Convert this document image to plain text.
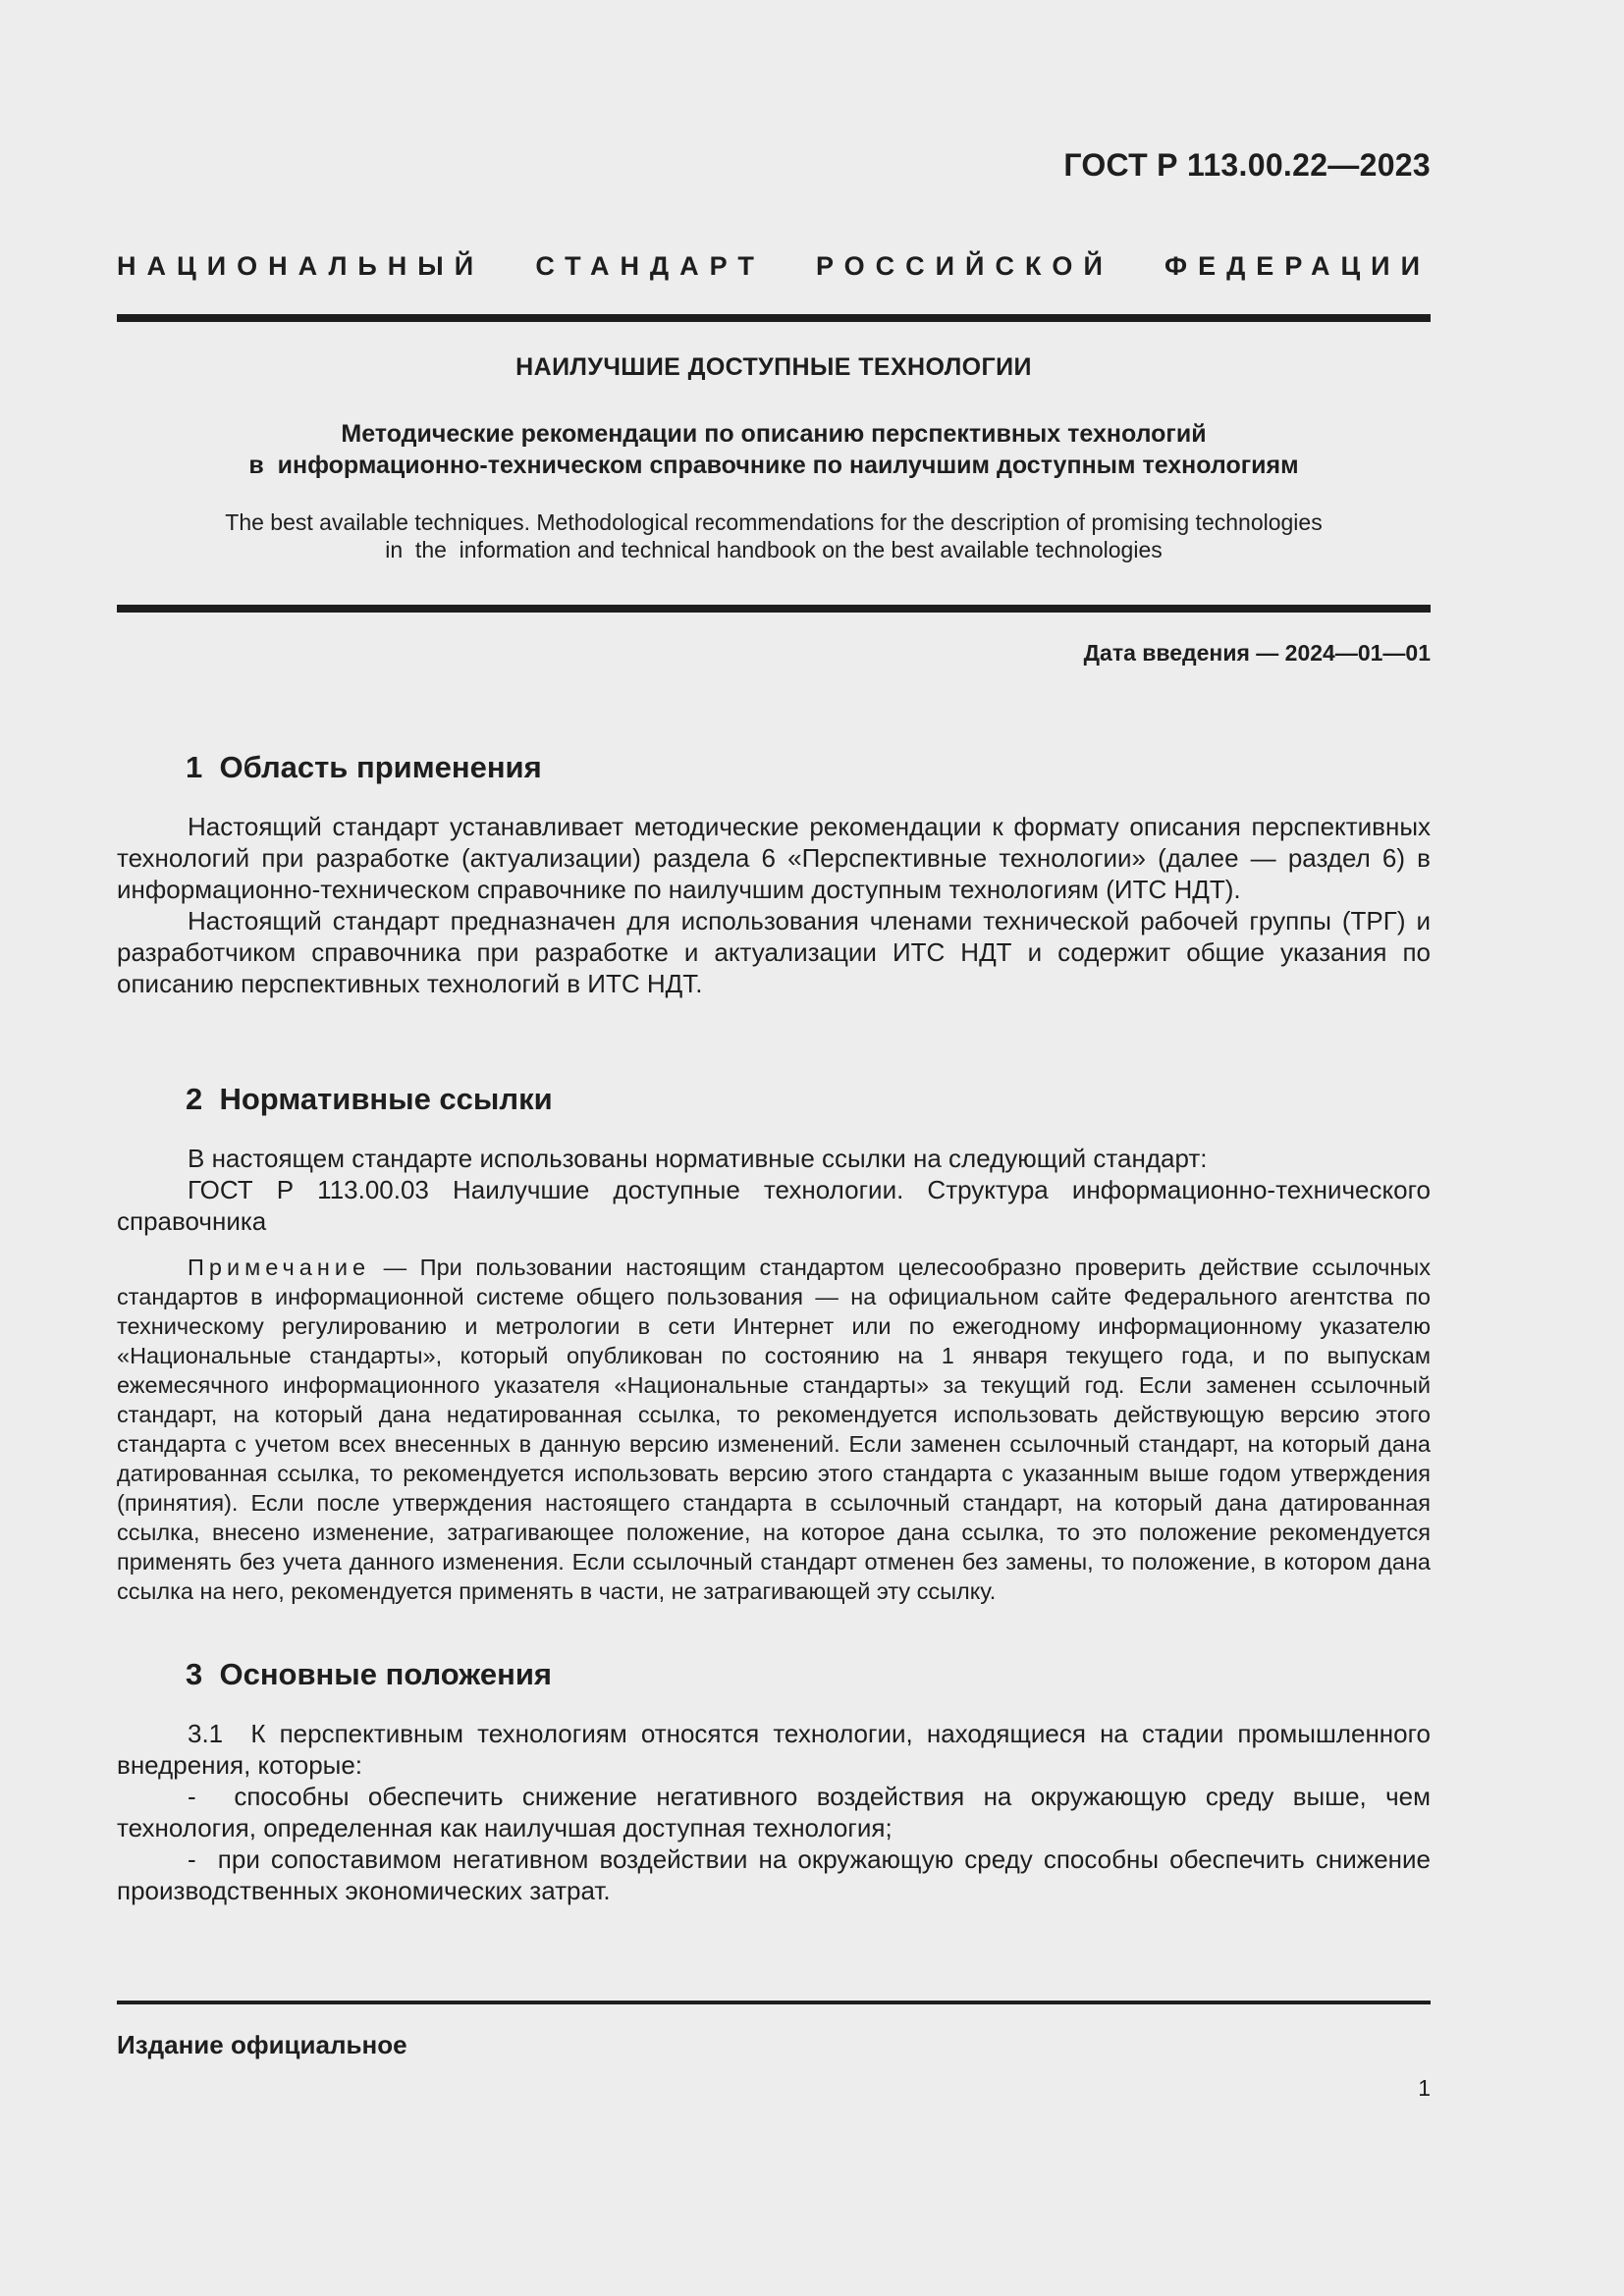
ГОСТ Р 113.00.22—2023
НАЦИОНАЛЬНЫЙ СТАНДАРТ РОССИЙСКОЙ ФЕДЕРАЦИИ
НАИЛУЧШИЕ ДОСТУПНЫЕ ТЕХНОЛОГИИ
Методические рекомендации по описанию перспективных технологий
в  информационно-техническом справочнике по наилучшим доступным технологиям
The best available techniques. Methodological recommendations for the description of promising technologies
in  the  information and technical handbook on the best available technologies
Дата введения — 2024—01—01
1  Область применения

Настоящий стандарт устанавливает методические рекомендации к формату описания перспективных технологий при разработке (актуализации) раздела 6 «Перспективные технологии» (далее — раздел 6) в информационно-техническом справочнике по наилучшим доступным технологиям (ИТС НДТ).

Настоящий стандарт предназначен для использования членами технической рабочей группы (ТРГ) и разработчиком справочника при разработке и актуализации ИТС НДТ и содержит общие указания по описанию перспективных технологий в ИТС НДТ.

2  Нормативные ссылки

В настоящем стандарте использованы нормативные ссылки на следующий стандарт:

ГОСТ Р 113.00.03 Наилучшие доступные технологии. Структура информационно-технического справочника

Примечание — При пользовании настоящим стандартом целесообразно проверить действие ссылочных стандартов в информационной системе общего пользования — на официальном сайте Федерального агентства по техническому регулированию и метрологии в сети Интернет или по ежегодному информационному указателю «Национальные стандарты», который опубликован по состоянию на 1 января текущего года, и по выпускам ежемесячного информационного указателя «Национальные стандарты» за текущий год. Если заменен ссылочный стандарт, на который дана недатированная ссылка, то рекомендуется использовать действующую версию этого стандарта с учетом всех внесенных в данную версию изменений. Если заменен ссылочный стандарт, на который дана датированная ссылка, то рекомендуется использовать версию этого стандарта с указанным выше годом утверждения (принятия). Если после утверждения настоящего стандарта в ссылочный стандарт, на который дана датированная ссылка, внесено изменение, затрагивающее положение, на которое дана ссылка, то это положение рекомендуется применять без учета данного изменения. Если ссылочный стандарт отменен без замены, то положение, в котором дана ссылка на него, рекомендуется применять в части, не затрагивающей эту ссылку.
3  Основные положения

3.1  К перспективным технологиям относятся технологии, находящиеся на стадии промышленного внедрения, которые:

-  способны обеспечить снижение негативного воздействия на окружающую среду выше, чем технология, определенная как наилучшая доступная технология;

-  при сопоставимом негативном воздействии на окружающую среду способны обеспечить снижение производственных экономических затрат.

Издание официальное
1
